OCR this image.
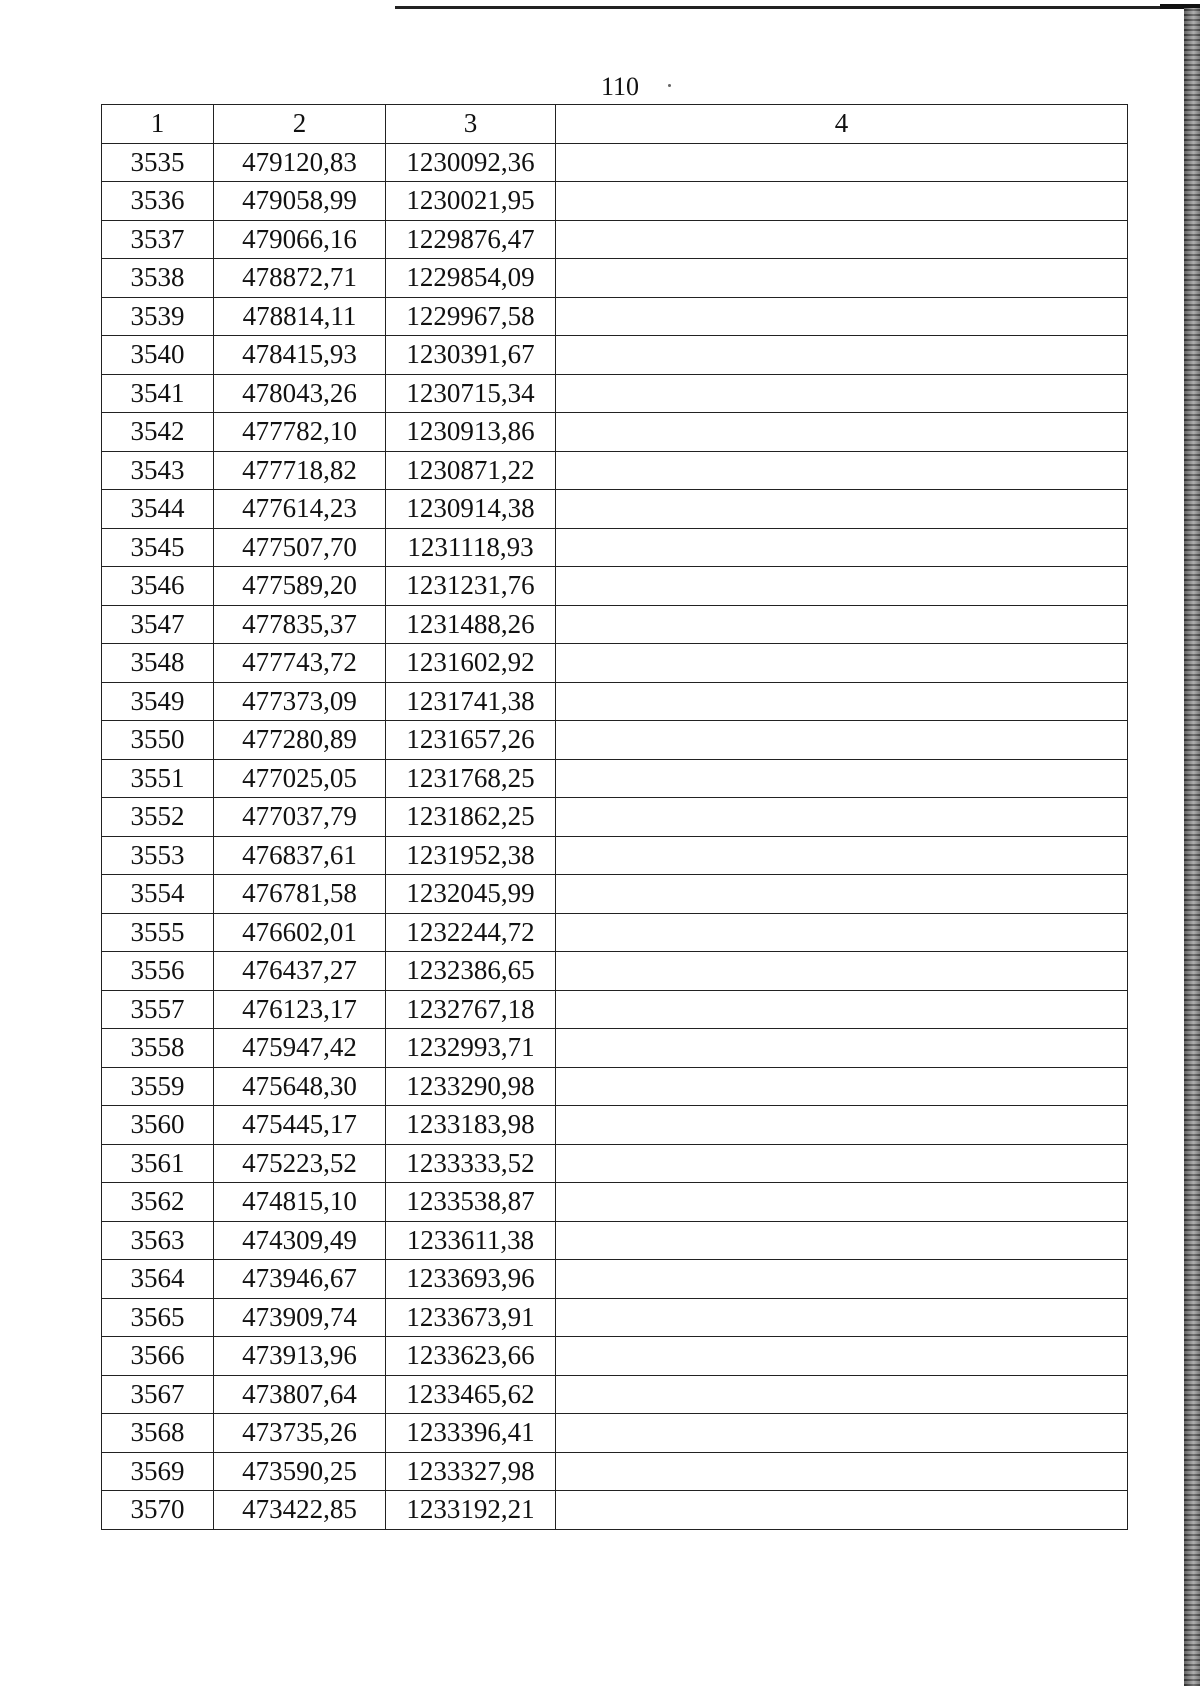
110
1	2	3	4
3535	479120,83	1230092,36	
3536	479058,99	1230021,95	
3537	479066,16	1229876,47	
3538	478872,71	1229854,09	
3539	478814,11	1229967,58	
3540	478415,93	1230391,67	
3541	478043,26	1230715,34	
3542	477782,10	1230913,86	
3543	477718,82	1230871,22	
3544	477614,23	1230914,38	
3545	477507,70	1231118,93	
3546	477589,20	1231231,76	
3547	477835,37	1231488,26	
3548	477743,72	1231602,92	
3549	477373,09	1231741,38	
3550	477280,89	1231657,26	
3551	477025,05	1231768,25	
3552	477037,79	1231862,25	
3553	476837,61	1231952,38	
3554	476781,58	1232045,99	
3555	476602,01	1232244,72	
3556	476437,27	1232386,65	
3557	476123,17	1232767,18	
3558	475947,42	1232993,71	
3559	475648,30	1233290,98	
3560	475445,17	1233183,98	
3561	475223,52	1233333,52	
3562	474815,10	1233538,87	
3563	474309,49	1233611,38	
3564	473946,67	1233693,96	
3565	473909,74	1233673,91	
3566	473913,96	1233623,66	
3567	473807,64	1233465,62	
3568	473735,26	1233396,41	
3569	473590,25	1233327,98	
3570	473422,85	1233192,21	
